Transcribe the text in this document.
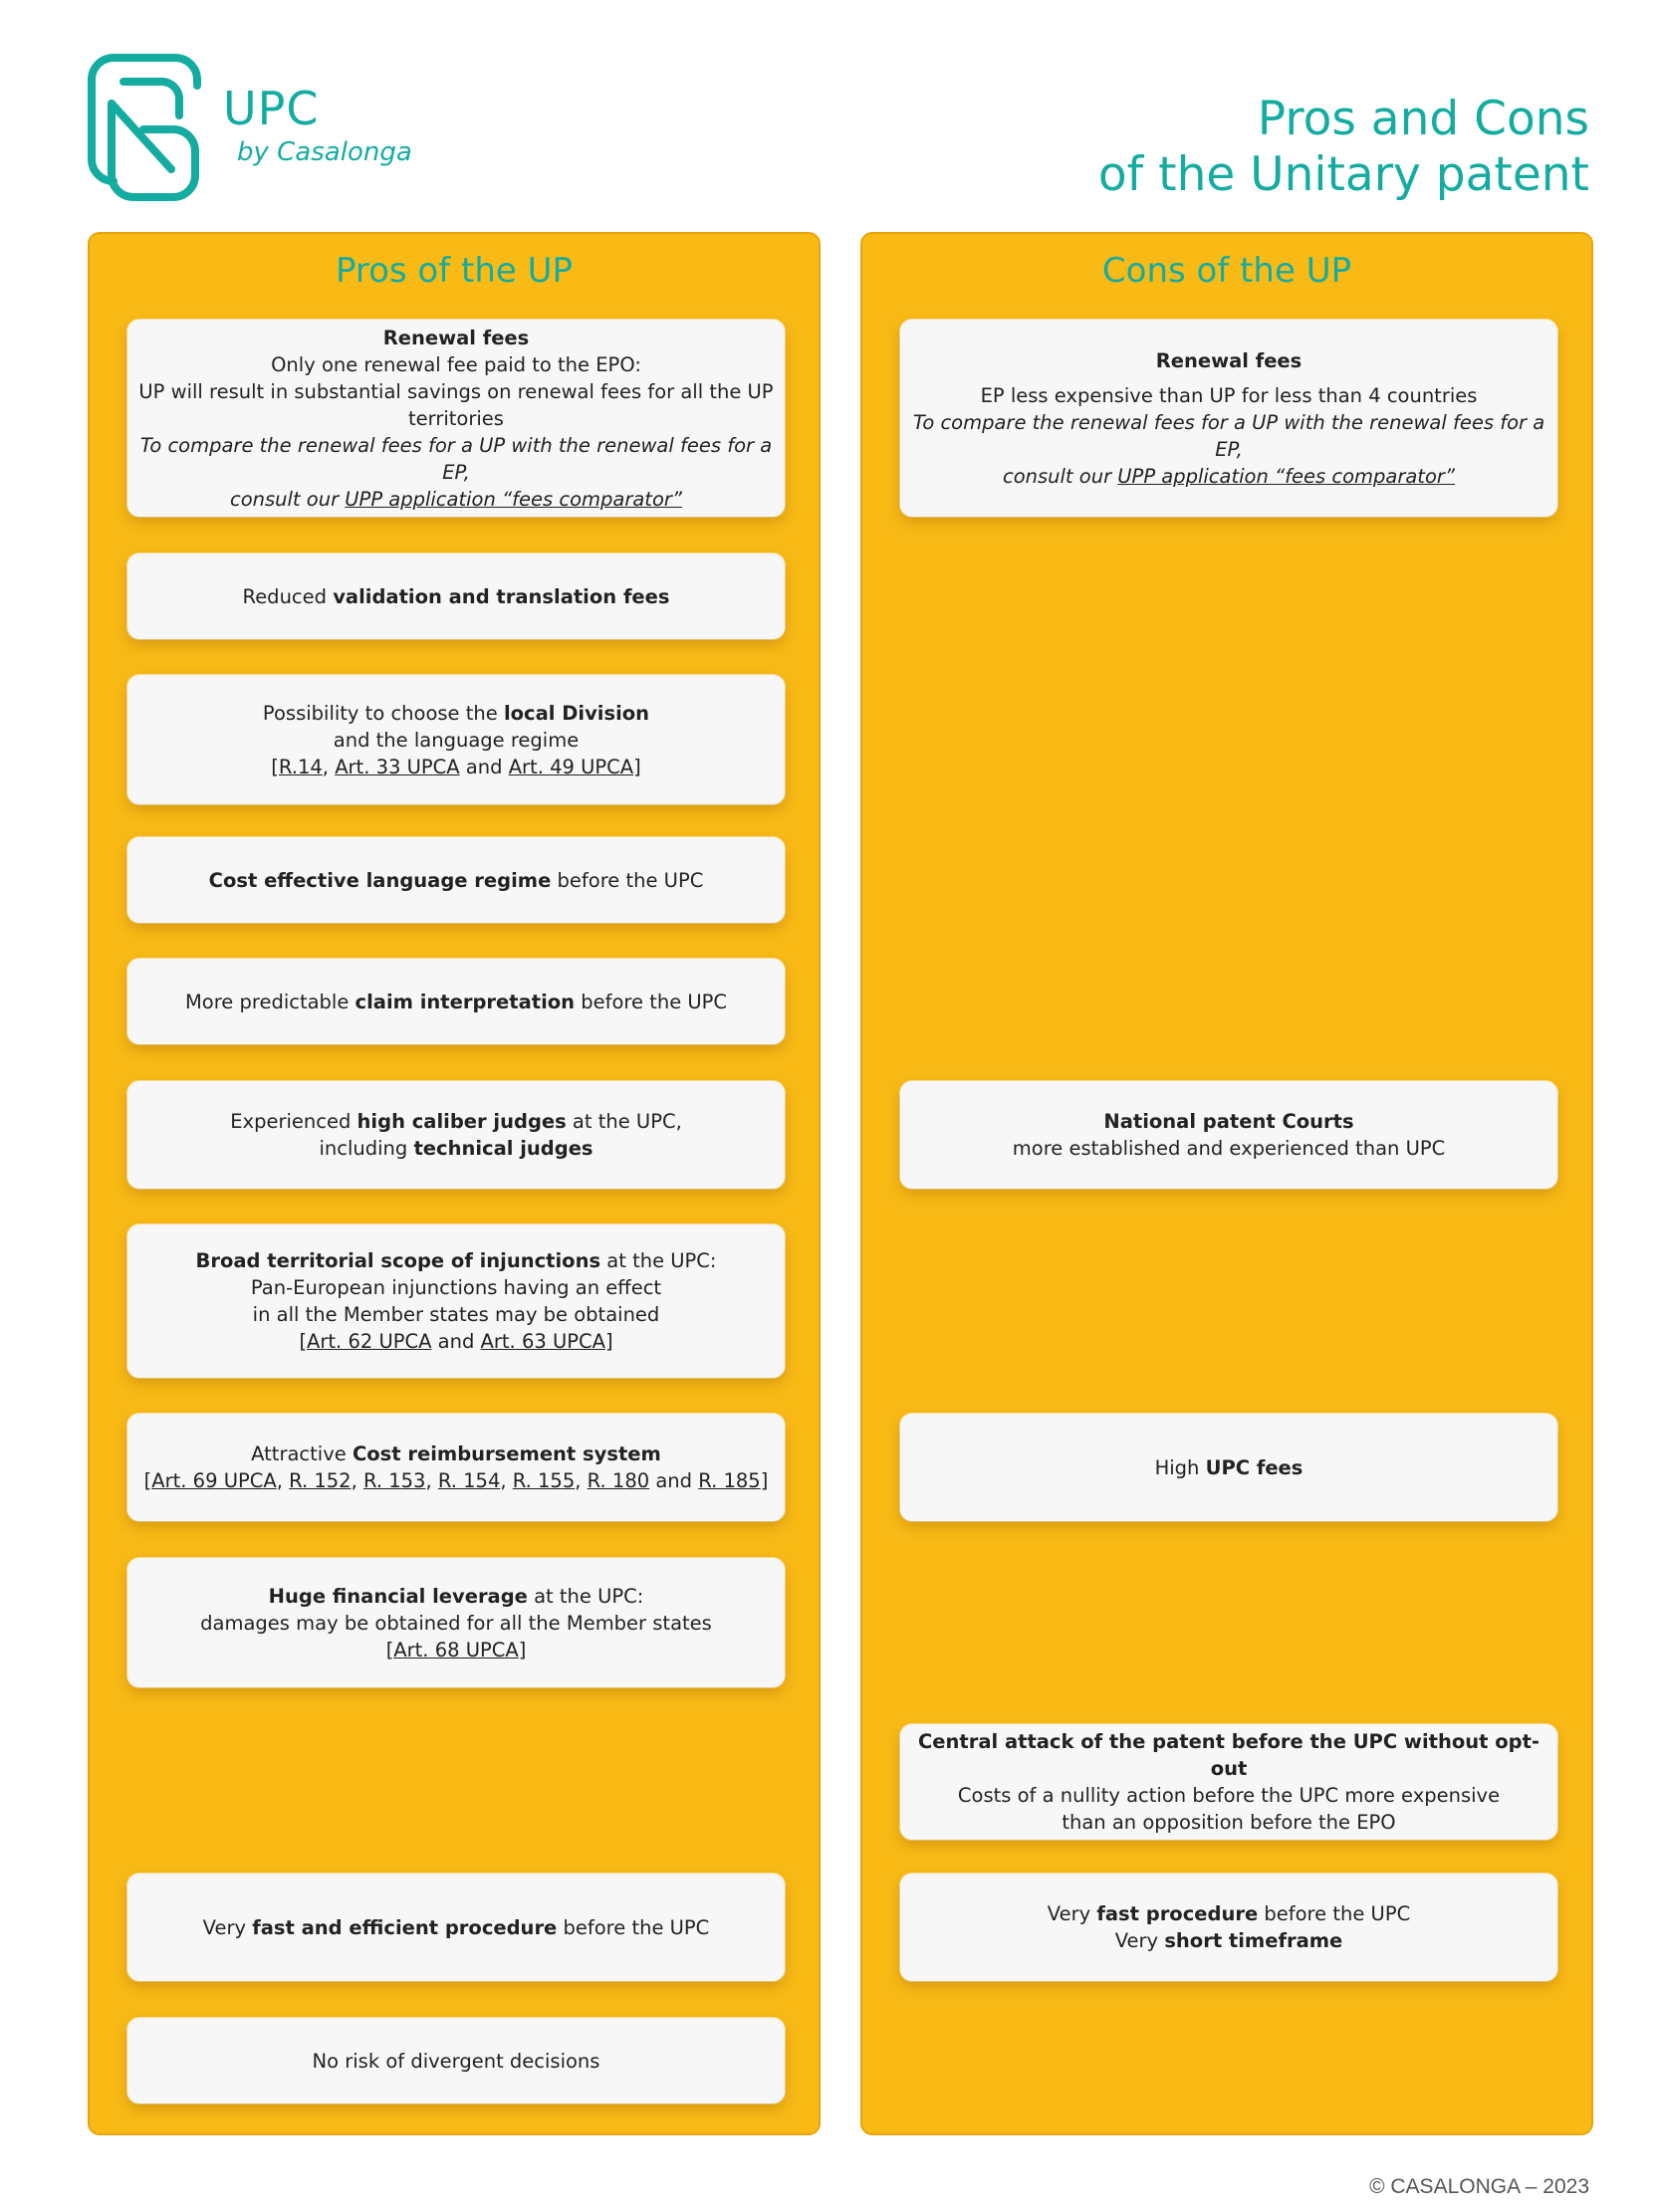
UPC
by Casalonga
Pros and Cons
of the Unitary patent
Pros of the UP
Renewal fees
Only one renewal fee paid to the EPO:
UP will result in substantial savings on renewal fees for all the UP territories
To compare the renewal fees for a UP with the renewal fees for a EP,
consult our UPP application “fees comparator”
Reduced validation and translation fees
Possibility to choose the local Division
and the language regime
[R.14, Art. 33 UPCA and Art. 49 UPCA]
Cost effective language regime before the UPC
More predictable claim interpretation before the UPC
Experienced high caliber judges at the UPC,
including technical judges
Broad territorial scope of injunctions at the UPC:
Pan-European injunctions having an effect
in all the Member states may be obtained
[Art. 62 UPCA and Art. 63 UPCA]
Attractive Cost reimbursement system
[Art. 69 UPCA, R. 152, R. 153, R. 154, R. 155, R. 180 and R. 185]
Huge financial leverage at the UPC:
damages may be obtained for all the Member states
[Art. 68 UPCA]
Very fast and efficient procedure before the UPC
No risk of divergent decisions
Cons of the UP
Renewal fees
EP less expensive than UP for less than 4 countries
To compare the renewal fees for a UP with the renewal fees for a EP,
consult our UPP application “fees comparator”
National patent Courts
more established and experienced than UPC
High UPC fees
Central attack of the patent before the UPC without opt-out
Costs of a nullity action before the UPC more expensive
than an opposition before the EPO
Very fast procedure before the UPC
Very short timeframe
© CASALONGA – 2023
